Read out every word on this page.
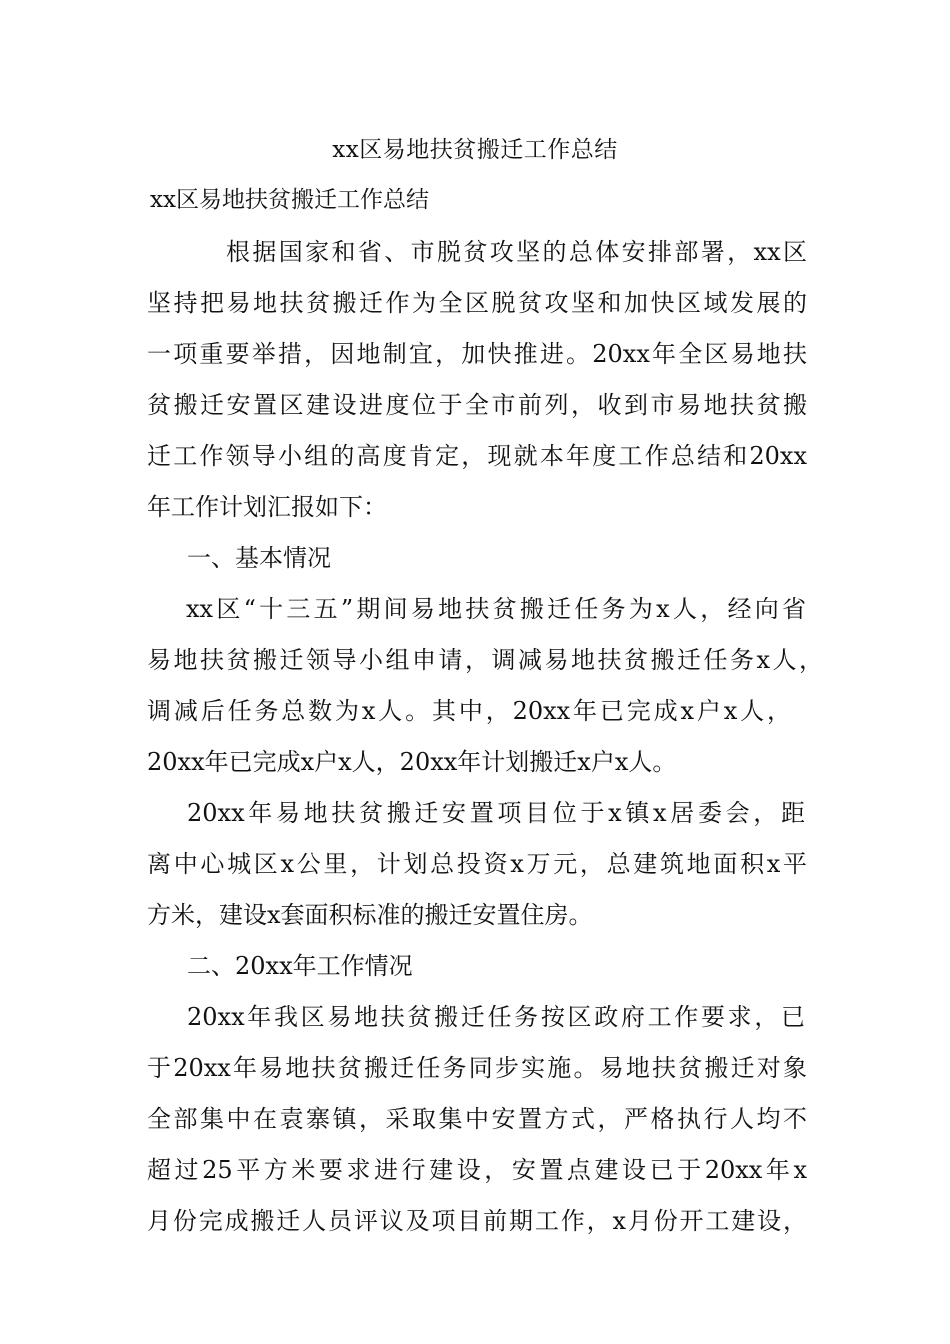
xx区易地扶贫搬迁工作总结
xx区易地扶贫搬迁工作总结
根据国家和省、市脱贫攻坚的总体安排部署，xx区
坚持把易地扶贫搬迁作为全区脱贫攻坚和加快区域发展的
一项重要举措，因地制宜，加快推进。20xx年全区易地扶
贫搬迁安置区建设进度位于全市前列，收到市易地扶贫搬
迁工作领导小组的高度肯定，现就本年度工作总结和20xx
年工作计划汇报如下：
一、基本情况
xx区“十三五”期间易地扶贫搬迁任务为x人，经向省
易地扶贫搬迁领导小组申请，调减易地扶贫搬迁任务x人，
调减后任务总数为x人。其中，20xx年已完成x户x人，
20xx年已完成x户x人，20xx年计划搬迁x户x人。
20xx年易地扶贫搬迁安置项目位于x镇x居委会，距
离中心城区x公里，计划总投资x万元，总建筑地面积x平
方米，建设x套面积标准的搬迁安置住房。
二、20xx年工作情况
20xx年我区易地扶贫搬迁任务按区政府工作要求，已
于20xx年易地扶贫搬迁任务同步实施。易地扶贫搬迁对象
全部集中在袁寨镇，采取集中安置方式，严格执行人均不
超过25平方米要求进行建设，安置点建设已于20xx年x
月份完成搬迁人员评议及项目前期工作，x月份开工建设，
